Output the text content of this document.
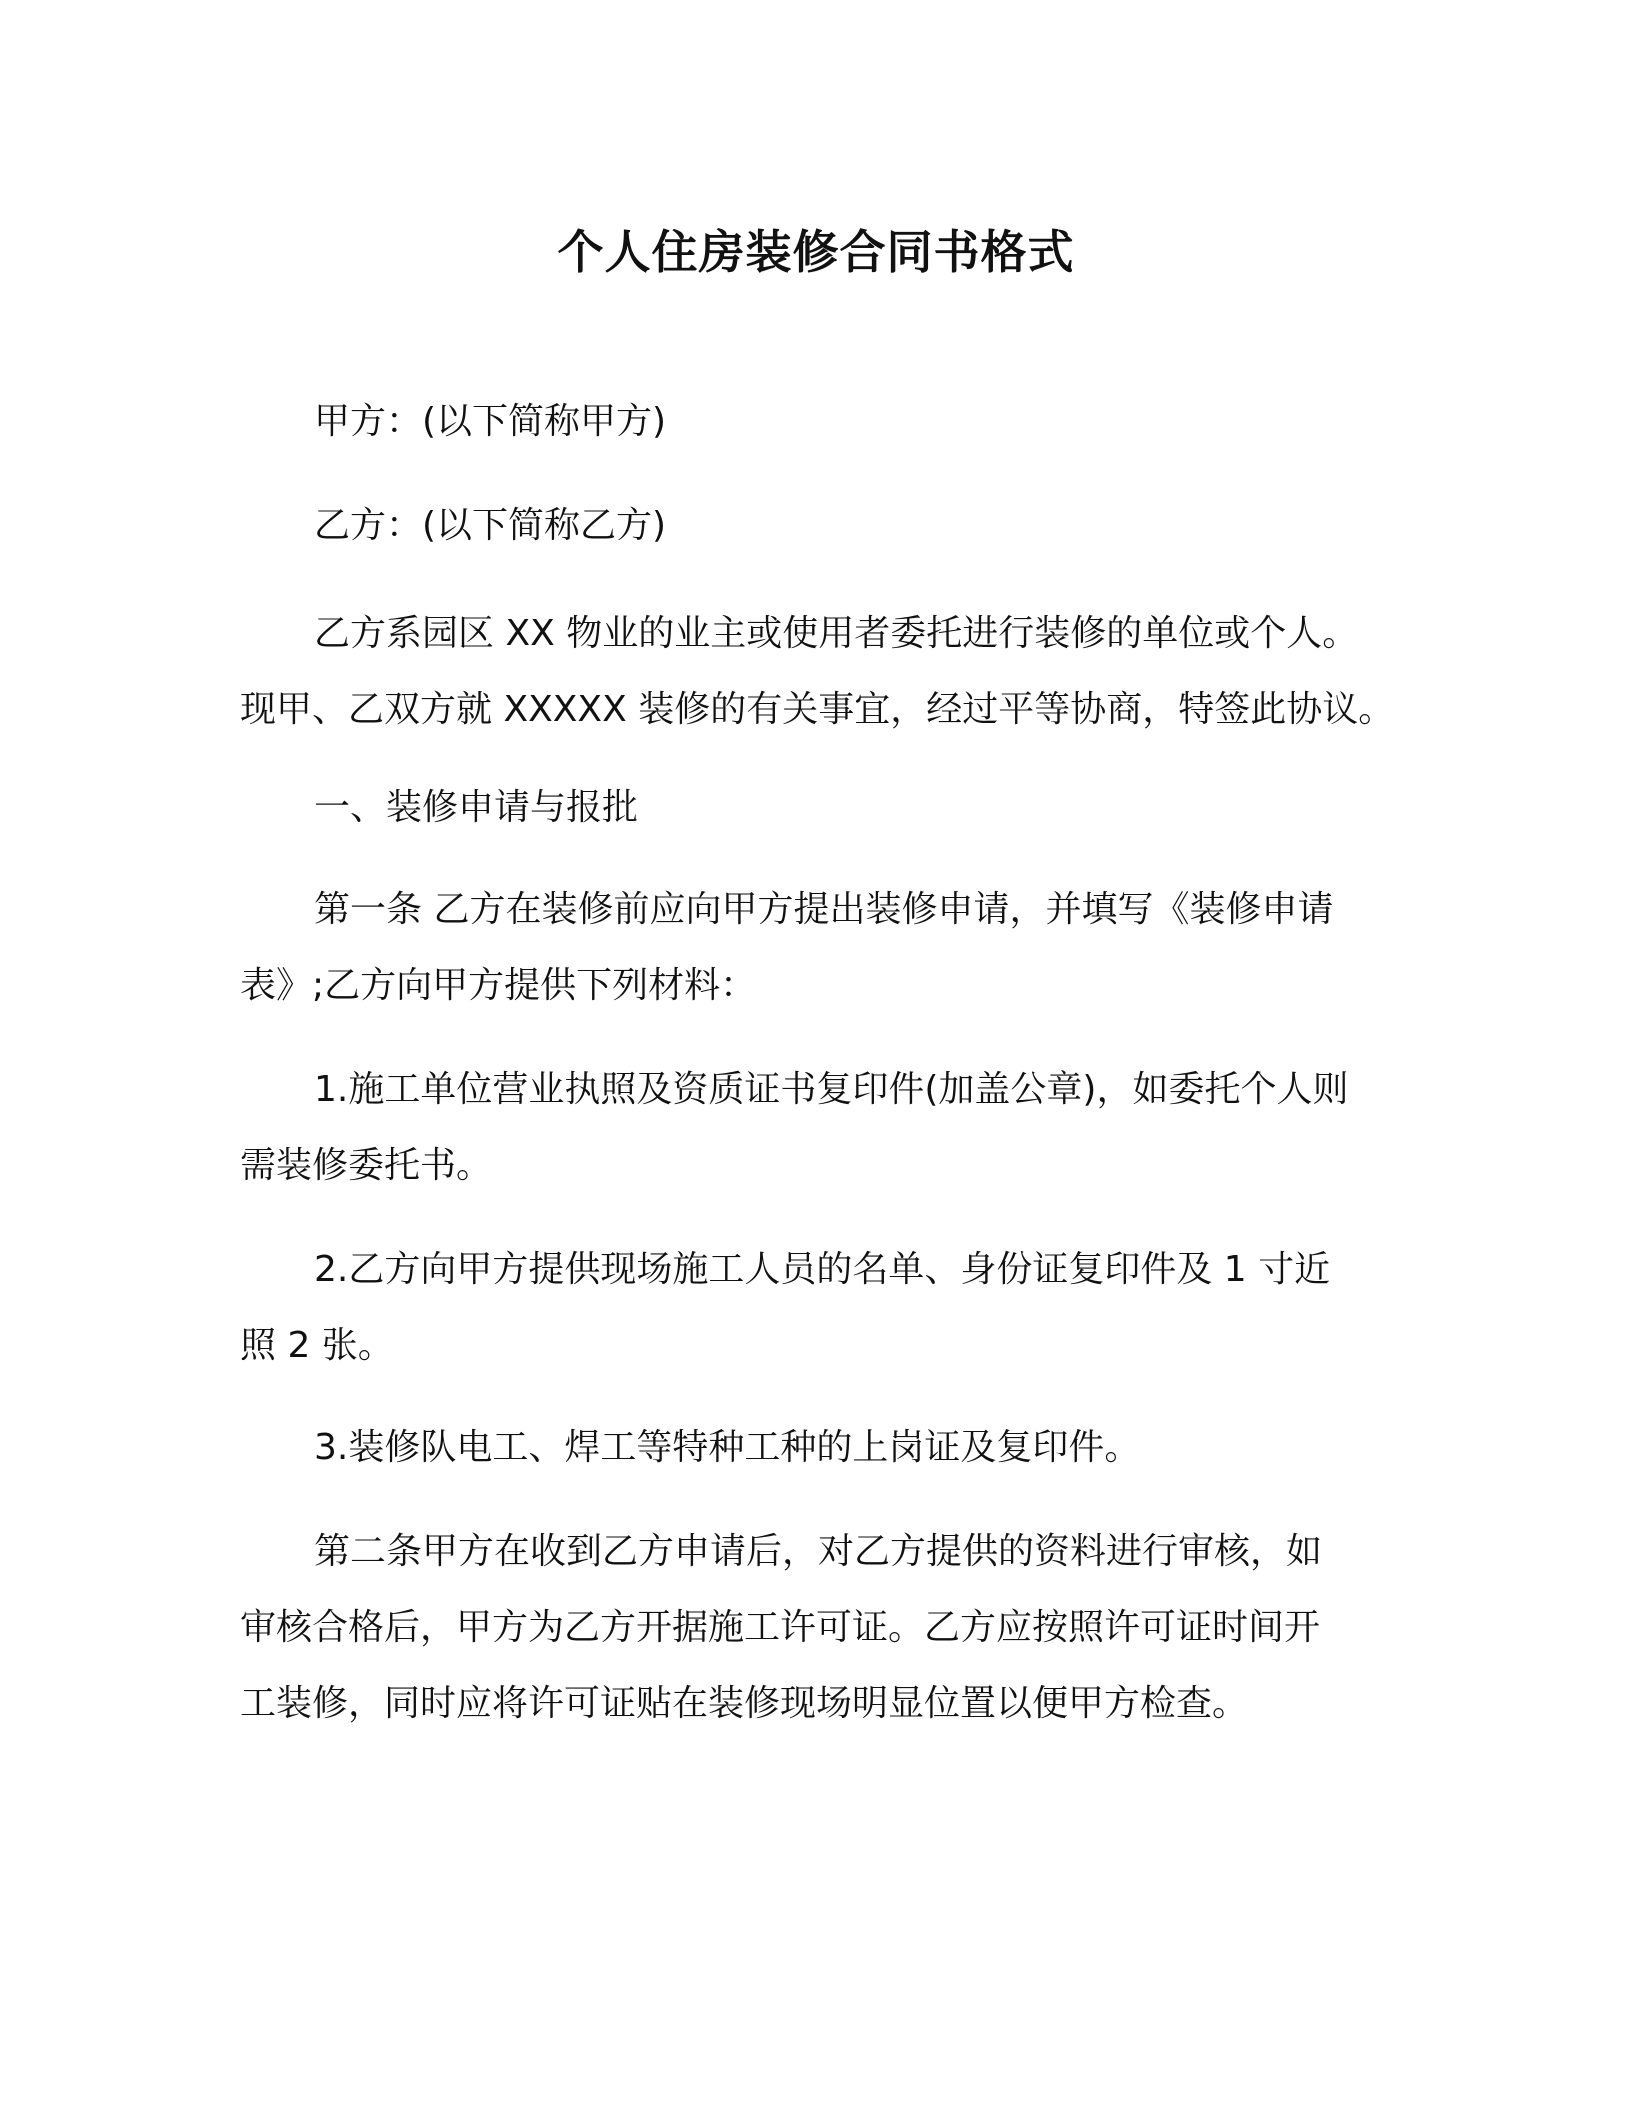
个人住房装修合同书格式
甲方：(以下简称甲方)
乙方：(以下简称乙方)
乙方系园区 XX 物业的业主或使用者委托进行装修的单位或个人。
现甲、乙双方就 XXXXX 装修的有关事宜，经过平等协商，特签此协议。
一、装修申请与报批
第一条 乙方在装修前应向甲方提出装修申请，并填写《装修申请
表》;乙方向甲方提供下列材料：
1.施工单位营业执照及资质证书复印件(加盖公章)，如委托个人则
需装修委托书。
2.乙方向甲方提供现场施工人员的名单、身份证复印件及 1 寸近
照 2 张。
3.装修队电工、焊工等特种工种的上岗证及复印件。
第二条甲方在收到乙方申请后，对乙方提供的资料进行审核，如
审核合格后，甲方为乙方开据施工许可证。乙方应按照许可证时间开
工装修，同时应将许可证贴在装修现场明显位置以便甲方检查。
